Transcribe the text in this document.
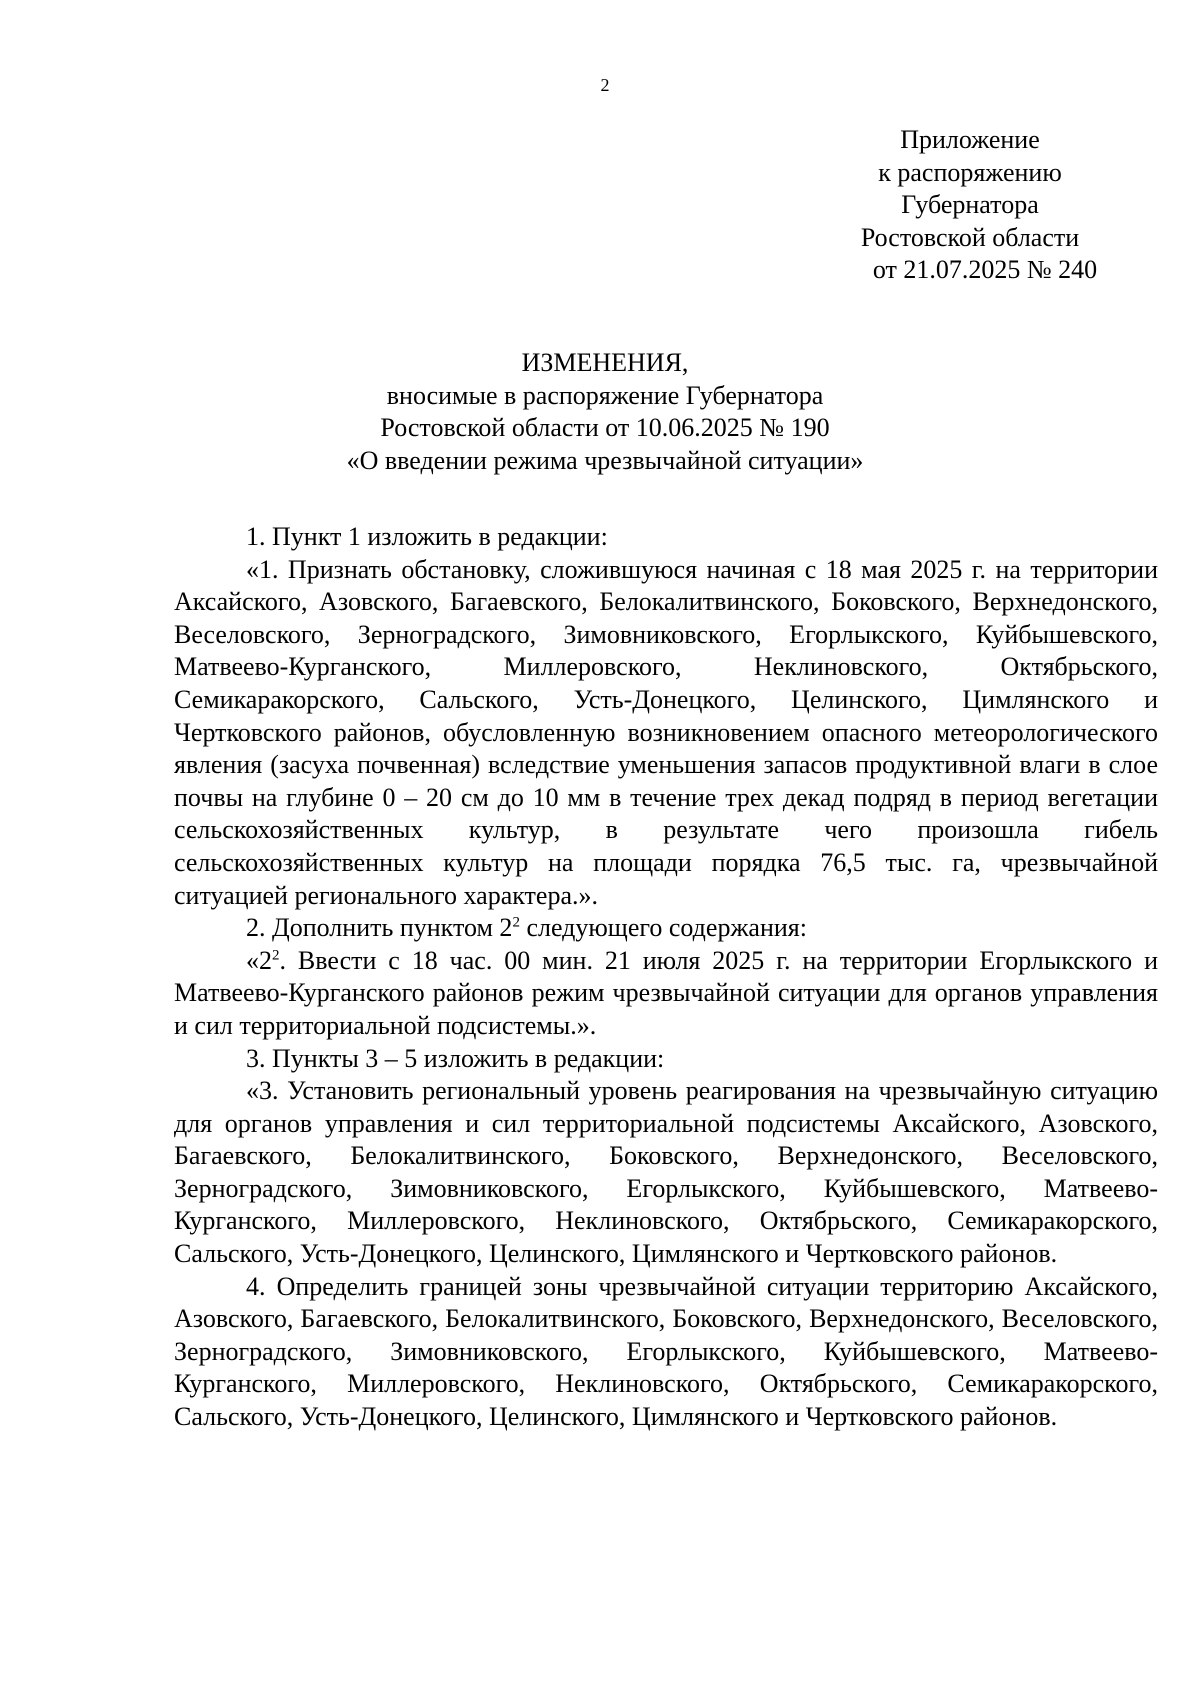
2
Приложение
к распоряжению
Губернатора
Ростовской области
от 21.07.2025 № 240
ИЗМЕНЕНИЯ,
вносимые в распоряжение Губернатора
Ростовской области от 10.06.2025 № 190
«О введении режима чрезвычайной ситуации»

1. Пункт 1 изложить в редакции:

«1. Признать обстановку, сложившуюся начиная с 18 мая 2025 г. на территории Аксайского, Азовского, Багаевского, Белокалитвинского, Боковского, Верхнедонского, Веселовского, Зерноградского, Зимовниковского, Егорлыкского, Куйбышевского, Матвеево-Курганского, Миллеровского, Неклиновского, Октябрьского, Семикаракорского, Сальского, Усть-Донецкого, Целинского, Цимлянского и Чертковского районов, обусловленную возникновением опасного метеорологического явления (засуха почвенная) вследствие уменьшения запасов продуктивной влаги в слое почвы на глубине 0 – 20 см до 10 мм в течение трех декад подряд в период вегетации сельскохозяйственных культур, в результате чего произошла гибель сельскохозяйственных культур на площади порядка 76,5 тыс. га, чрезвычайной ситуацией регионального характера.».

2. Дополнить пунктом $2^2$ следующего содержания:

«$2^2$. Ввести с 18 час. 00 мин. 21 июля 2025 г. на территории Егорлыкского и Матвеево-Курганского районов режим чрезвычайной ситуации для органов управления и сил территориальной подсистемы.».

3. Пункты 3 – 5 изложить в редакции:

«3. Установить региональный уровень реагирования на чрезвычайную ситуацию для органов управления и сил территориальной подсистемы Аксайского, Азовского, Багаевского, Белокалитвинского, Боковского, Верхнедонского, Веселовского, Зерноградского, Зимовниковского, Егорлыкского, Куйбышевского, Матвеево-Курганского, Миллеровского, Неклиновского, Октябрьского, Семикаракорского, Сальского, Усть-Донецкого, Целинского, Цимлянского и Чертковского районов.

4. Определить границей зоны чрезвычайной ситуации территорию Аксайского, Азовского, Багаевского, Белокалитвинского, Боковского, Верхнедонского, Веселовского, Зерноградского, Зимовниковского, Егорлыкского, Куйбышевского, Матвеево-Курганского, Миллеровского, Неклиновского, Октябрьского, Семикаракорского, Сальского, Усть-Донецкого, Целинского, Цимлянского и Чертковского районов.
